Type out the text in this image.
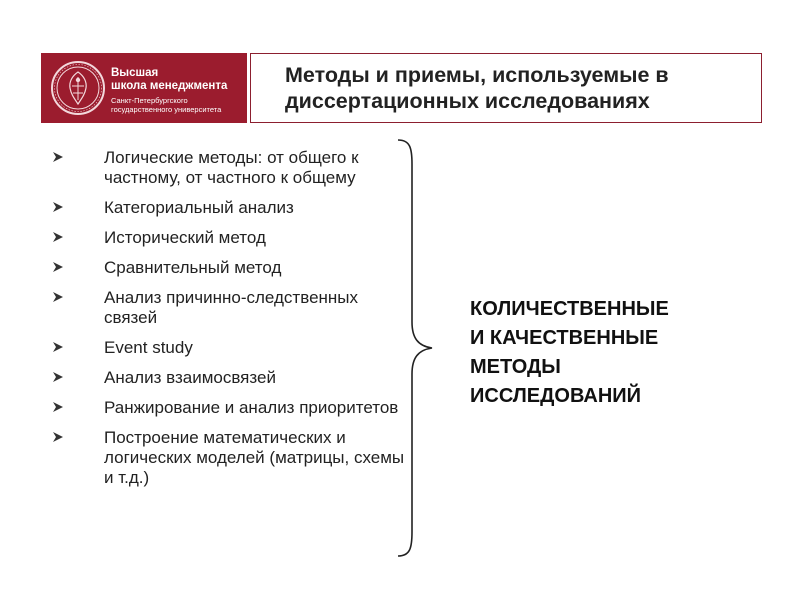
Высшая
школа менеджмента
Санкт-Петербургского
государственного университета
Методы и приемы, используемые в
диссертационных исследованиях
Логические методы: от общего к частному, от частного к общему
Категориальный анализ
Исторический метод
Сравнительный метод
Анализ причинно-следственных связей
Event study
Анализ взаимосвязей
Ранжирование и анализ приоритетов
Построение математических и логических моделей (матрицы, схемы и т.д.)
КОЛИЧЕСТВЕННЫЕ
И КАЧЕСТВЕННЫЕ
МЕТОДЫ
ИССЛЕДОВАНИЙ
